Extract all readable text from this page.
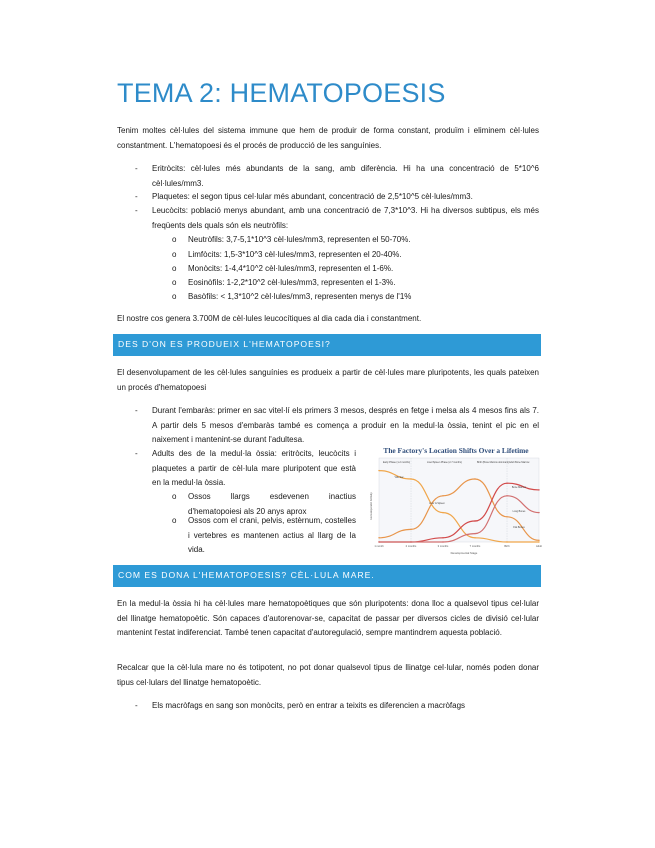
TEMA 2: HEMATOPOESIS

Tenim moltes cèl·lules del sistema immune que hem de produir de forma constant, produïm i eliminem cèl·lules constantment. L'hematopoesi és el procés de producció de les sanguínies.

- Eritròcits: cèl·lules més abundants de la sang, amb diferència. Hi ha una concentració de 5*10^6 cèl·lules/mm3.

- Plaquetes: el segon tipus cel·lular més abundant, concentració de 2,5*10^5 cèl·lules/mm3.

- Leucòcits: població menys abundant, amb una concentració de 7,3*10^3. Hi ha diversos subtipus, els més freqüents dels quals són els neutròfils:

o Neutròfils: 3,7-5,1*10^3 cèl·lules/mm3, representen el 50-70%.

o Limfòcits: 1,5-3*10^3 cèl·lules/mm3, representen el 20-40%.

o Monòcits: 1-4,4*10^2 cèl·lules/mm3, representen el 1-6%.

o Eosinòfils: 1-2,2*10^2 cèl·lules/mm3, representen el 1-3%.

o Basòfils: < 1,3*10^2 cèl·lules/mm3, representen menys de l'1%

El nostre cos genera 3.700M de cèl·lules leucocítiques al dia cada dia i constantment.

DES D'ON ES PRODUEIX L'HEMATOPOESI?

El desenvolupament de les cèl·lules sanguínies es produeix a partir de cèl·lules mare pluripotents, les quals pateixen un procés d'hematopoesi

- Durant l'embaràs: primer en sac vitel·lí els primers 3 mesos, després en fetge i melsa als 4 mesos fins als 7. A partir dels 5 mesos d'embaràs també es comença a produir en la medul·la òssia, tenint el pic en el naixement i mantenint-se durant l'adultesa.

- Adults des de la medul·la òssia: eritròcits, leucòcits i plaquetes a partir de cèl·lula mare pluripotent que està en la medul·la òssia.

o Ossos llargs esdevenen inactius d'hematopoiesi als 20 anys aprox

o Ossos com el crani, pelvis, estèrnum, costelles i vertebres es mantenen actius al llarg de la vida.

The Factory's Location Shifts Over a Lifetime
1 month	2 months	3 months	7 months	Birth	Adult
Early Phase (1-2 months)	Liver/Spleen Phase (2-7 months)	Birth (Bone Marrow dominant) Adult Bone Marrow
Yolk Sac
Liver & Spleen
Bone Marrow
Long Bones
Flat Bones
Hematopoietic Activity
Developmental Stage
COM ES DONA L'HEMATOPOESIS? CÈL·LULA MARE.

En la medul·la òssia hi ha cèl·lules mare hematopoètiques que són pluripotents: dona lloc a qualsevol tipus cel·lular del llinatge hematopoètic. Són capaces d'autorenovar-se, capacitat de passar per diversos cicles de divisió cel·lular mantenint l'estat indiferenciat. També tenen capacitat d'autoregulació, sempre mantindrem aquesta població.

Recalcar que la cèl·lula mare no és totipotent, no pot donar qualsevol tipus de llinatge cel·lular, només poden donar tipus cel·lulars del llinatge hematopoètic.

- Els macròfags en sang son monòcits, però en entrar a teixits es diferencien a macròfags
